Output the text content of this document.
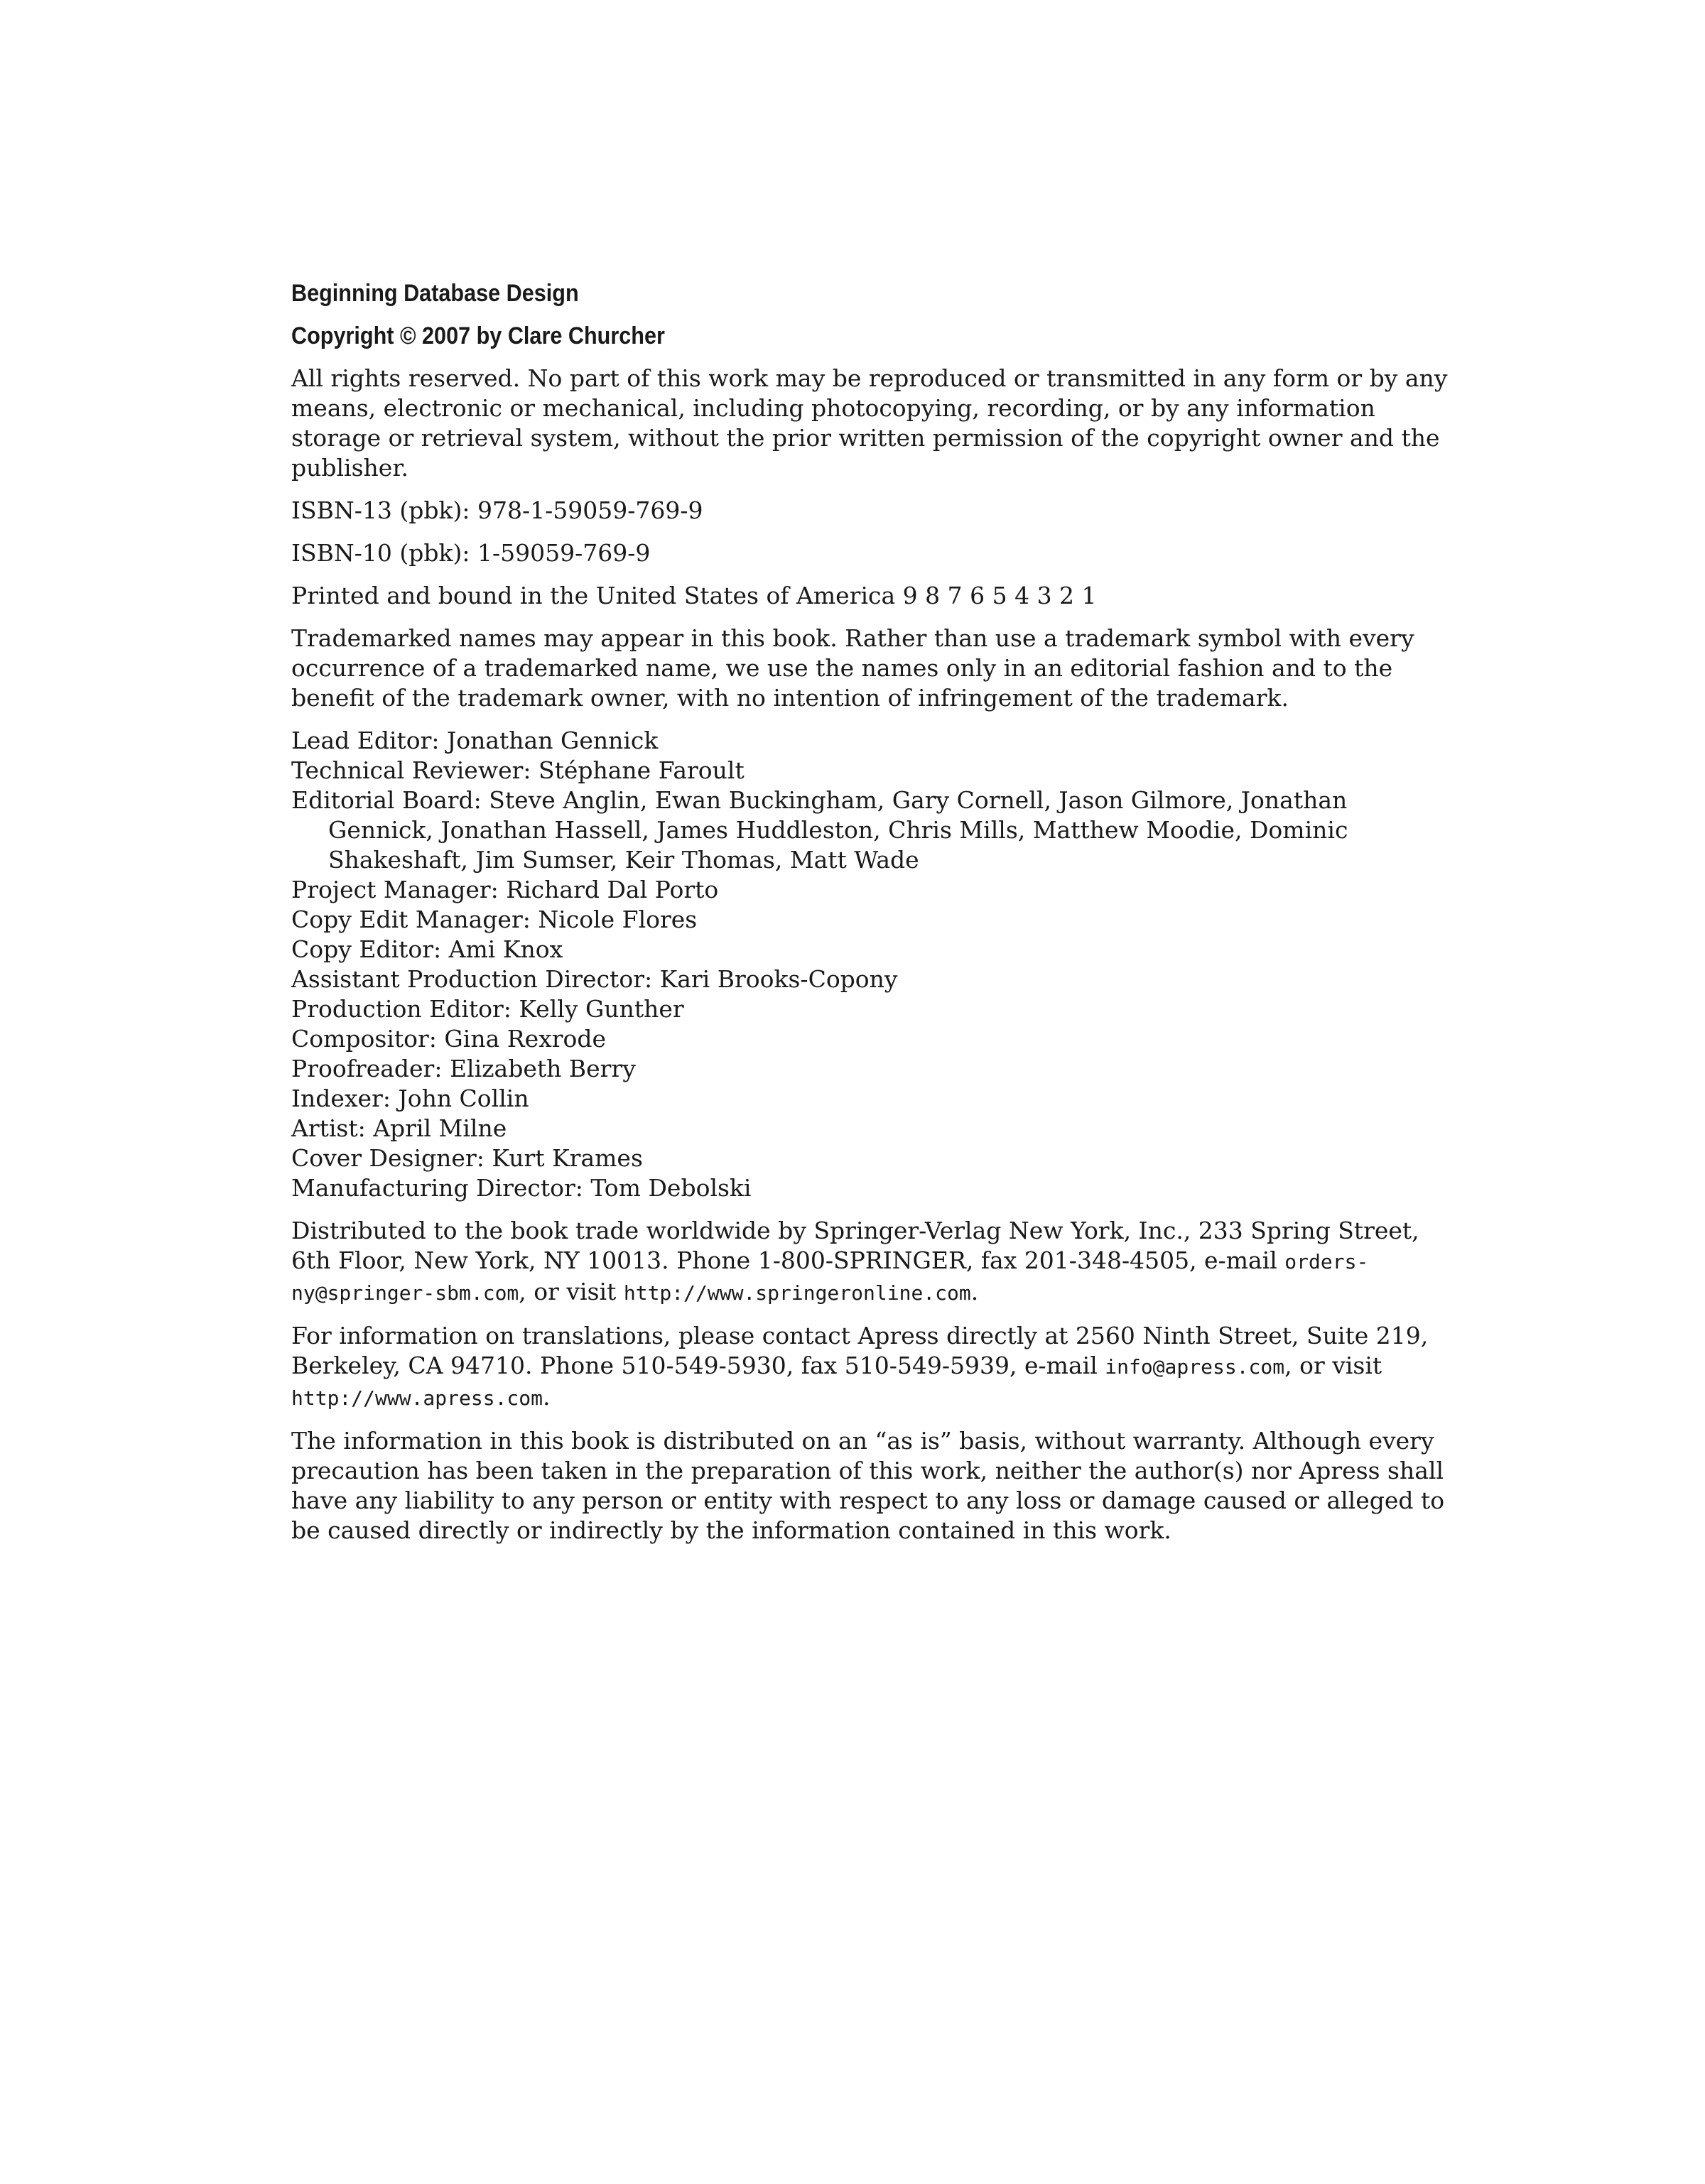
Beginning Database Design
Copyright © 2007 by Clare Churcher

All rights reserved. No part of this work may be reproduced or transmitted in any form or by any means, electronic or mechanical, including photocopying, recording, or by any information storage or retrieval system, without the prior written permission of the copyright owner and the publisher.

ISBN-13 (pbk): 978-1-59059-769-9

ISBN-10 (pbk): 1-59059-769-9

Printed and bound in the United States of America 9 8 7 6 5 4 3 2 1

Trademarked names may appear in this book. Rather than use a trademark symbol with every occurrence of a trademarked name, we use the names only in an editorial fashion and to the benefit of the trademark owner, with no intention of infringement of the trademark.

Lead Editor: Jonathan Gennick
Technical Reviewer: Stéphane Faroult
Editorial Board: Steve Anglin, Ewan Buckingham, Gary Cornell, Jason Gilmore, Jonathan Gennick, Jonathan Hassell, James Huddleston, Chris Mills, Matthew Moodie, Dominic Shakeshaft, Jim Sumser, Keir Thomas, Matt Wade
Project Manager: Richard Dal Porto
Copy Edit Manager: Nicole Flores
Copy Editor: Ami Knox
Assistant Production Director: Kari Brooks-Copony
Production Editor: Kelly Gunther
Compositor: Gina Rexrode
Proofreader: Elizabeth Berry
Indexer: John Collin
Artist: April Milne
Cover Designer: Kurt Krames
Manufacturing Director: Tom Debolski

Distributed to the book trade worldwide by Springer-Verlag New York, Inc., 233 Spring Street, 6th Floor, New York, NY 10013. Phone 1-800-SPRINGER, fax 201-348-4505, e-mail orders-ny@springer-sbm.com, or visit http://www.springeronline.com.

For information on translations, please contact Apress directly at 2560 Ninth Street, Suite 219, Berkeley, CA 94710. Phone 510-549-5930, fax 510-549-5939, e-mail info@apress.com, or visit http://www.apress.com.

The information in this book is distributed on an “as is” basis, without warranty. Although every precaution has been taken in the preparation of this work, neither the author(s) nor Apress shall have any liability to any person or entity with respect to any loss or damage caused or alleged to be caused directly or indirectly by the information contained in this work.
